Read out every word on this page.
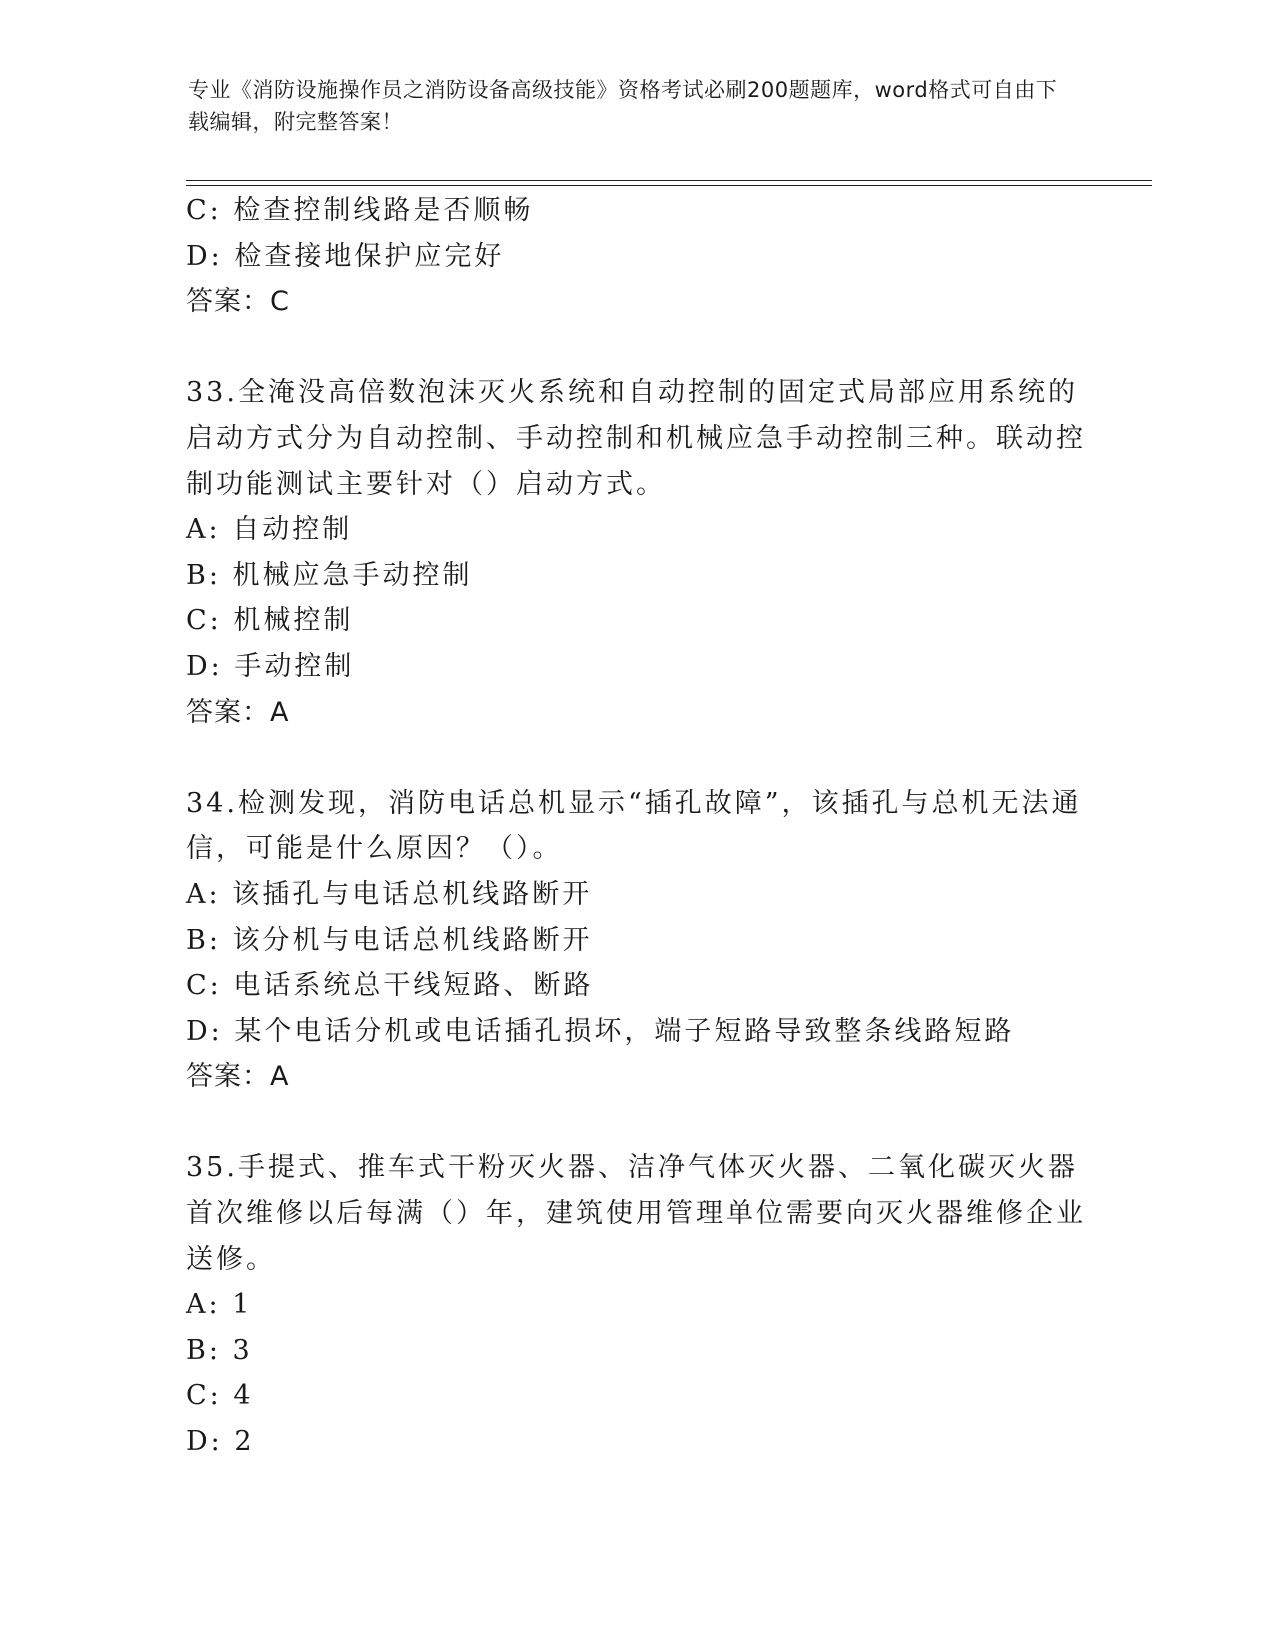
专业《消防设施操作员之消防设备高级技能》资格考试必刷200题题库，word格式可自由下载编辑，附完整答案！
C: 检查控制线路是否顺畅
D: 检查接地保护应完好
答案：C
33.全淹没高倍数泡沫灭火系统和自动控制的固定式局部应用系统的启动方式分为自动控制、手动控制和机械应急手动控制三种。联动控制功能测试主要针对（）启动方式。
A: 自动控制
B: 机械应急手动控制
C: 机械控制
D: 手动控制
答案：A
34.检测发现，消防电话总机显示“插孔故障”，该插孔与总机无法通信，可能是什么原因？（）。
A: 该插孔与电话总机线路断开
B: 该分机与电话总机线路断开
C: 电话系统总干线短路、断路
D: 某个电话分机或电话插孔损坏，端子短路导致整条线路短路
答案：A
35.手提式、推车式干粉灭火器、洁净气体灭火器、二氧化碳灭火器首次维修以后每满（）年，建筑使用管理单位需要向灭火器维修企业送修。
A: 1
B: 3
C: 4
D: 2
